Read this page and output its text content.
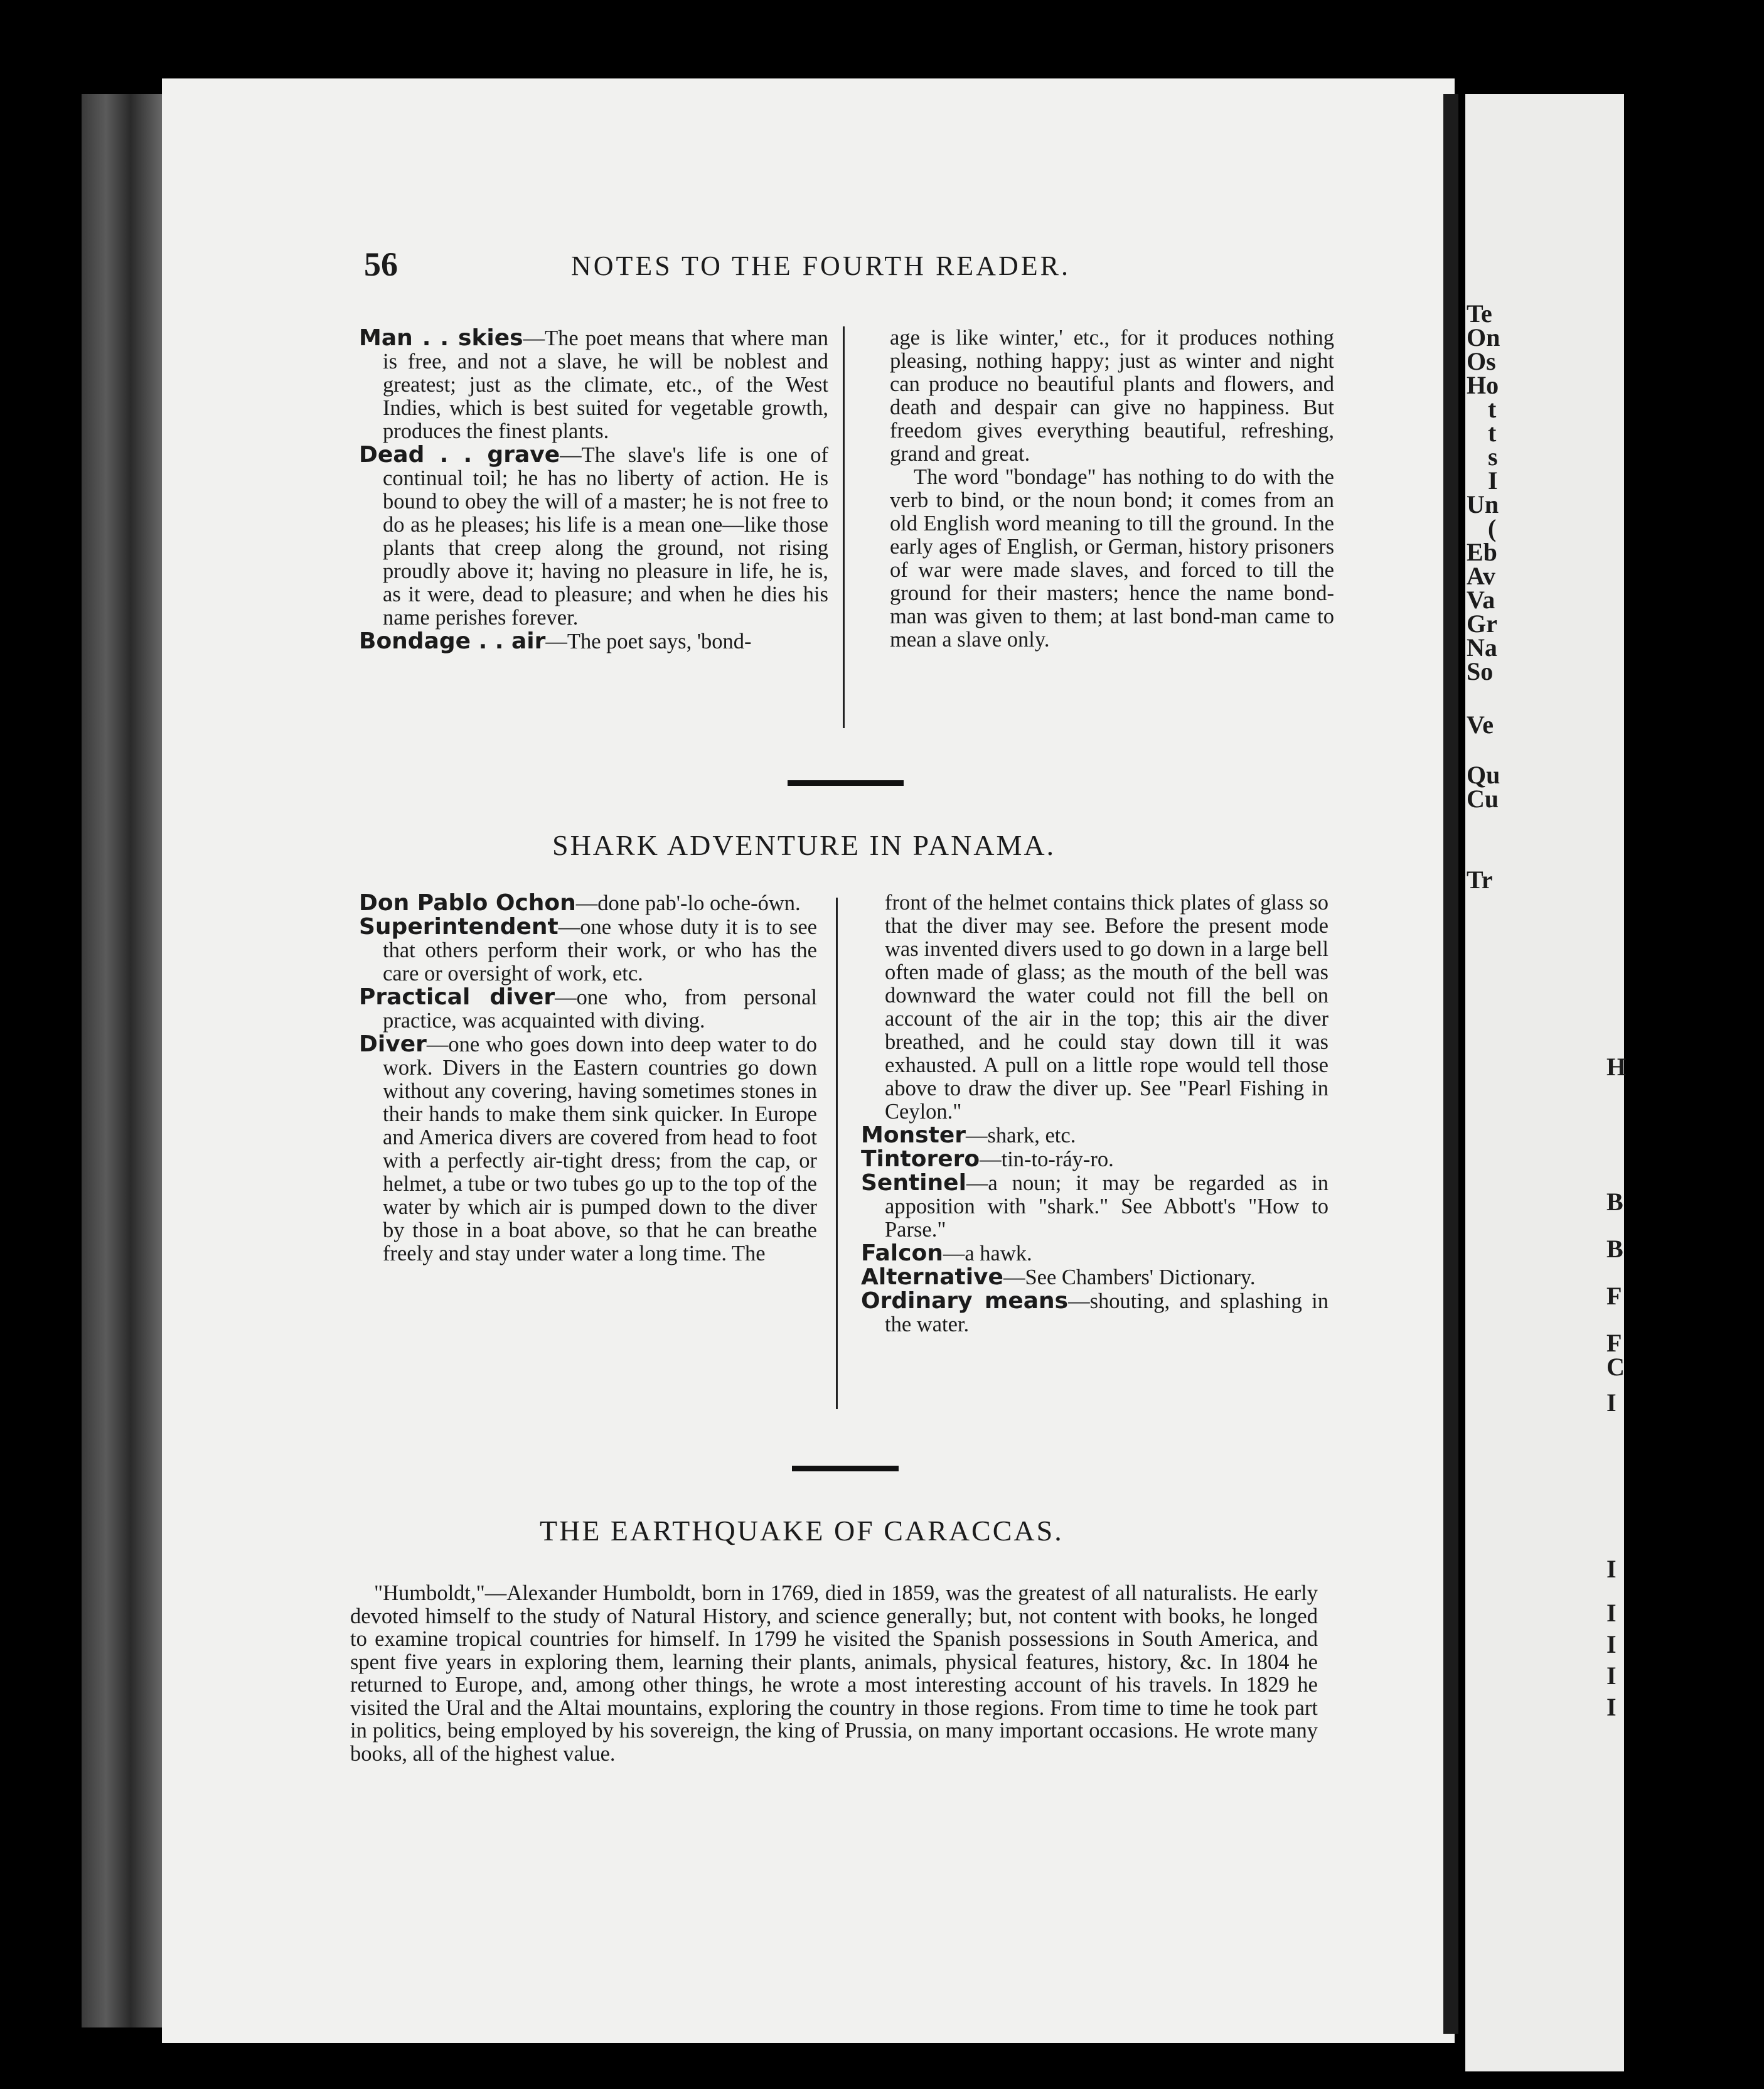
Te
On
Os
Ho
t
t
s
I
Un
(
Eb
Av
Va
Gr
Na
So
Ve
Qu
Cu
Tr
H
B
B
F
F
C
I
I
I
I
I
I
56	NOTES TO THE FOURTH READER.

Man . . skies—The poet means that where man is free, and not a slave, he will be noblest and greatest; just as the climate, etc., of the West Indies, which is best suited for vegetable growth, produces the finest plants.

Dead . . grave—The slave's life is one of continual toil; he has no liberty of action. He is bound to obey the will of a master; he is not free to do as he pleases; his life is a mean one—like those plants that creep along the ground, not rising proudly above it; having no pleasure in life, he is, as it were, dead to pleasure; and when he dies his name perishes forever.

Bondage . . air—The poet says, 'bond-

age is like winter,' etc., for it produces nothing pleasing, nothing happy; just as winter and night can produce no beautiful plants and flowers, and death and despair can give no happiness. But freedom gives everything beautiful, refreshing, grand and great.

The word "bondage" has nothing to do with the verb to bind, or the noun bond; it comes from an old English word meaning to till the ground. In the early ages of English, or German, history prisoners of war were made slaves, and forced to till the ground for their masters; hence the name bond-man was given to them; at last bond-man came to mean a slave only.

SHARK ADVENTURE IN PANAMA.

Don Pablo Ochon—done pab'-lo oche-ówn.

Superintendent—one whose duty it is to see that others perform their work, or who has the care or oversight of work, etc.

Practical diver—one who, from personal practice, was acquainted with diving.

Diver—one who goes down into deep water to do work. Divers in the Eastern countries go down without any covering, having sometimes stones in their hands to make them sink quicker. In Europe and America divers are covered from head to foot with a perfectly air-tight dress; from the cap, or helmet, a tube or two tubes go up to the top of the water by which air is pumped down to the diver by those in a boat above, so that he can breathe freely and stay under water a long time. The

front of the helmet contains thick plates of glass so that the diver may see. Before the present mode was invented divers used to go down in a large bell often made of glass; as the mouth of the bell was downward the water could not fill the bell on account of the air in the top; this air the diver breathed, and he could stay down till it was exhausted. A pull on a little rope would tell those above to draw the diver up. See "Pearl Fishing in Ceylon."

Monster—shark, etc.

Tintorero—tin-to-ráy-ro.

Sentinel—a noun; it may be regarded as in apposition with "shark." See Abbott's "How to Parse."

Falcon—a hawk.

Alternative—See Chambers' Dictionary.

Ordinary means—shouting, and splashing in the water.

THE EARTHQUAKE OF CARACCAS.

"Humboldt,"—Alexander Humboldt, born in 1769, died in 1859, was the greatest of all naturalists. He early devoted himself to the study of Natural History, and science generally; but, not content with books, he longed to examine tropical countries for himself. In 1799 he visited the Spanish possessions in South America, and spent five years in exploring them, learning their plants, animals, physical features, history, &c. In 1804 he returned to Europe, and, among other things, he wrote a most interesting account of his travels. In 1829 he visited the Ural and the Altai mountains, exploring the country in those regions. From time to time he took part in politics, being employed by his sovereign, the king of Prussia, on many important occasions. He wrote many books, all of the highest value.
